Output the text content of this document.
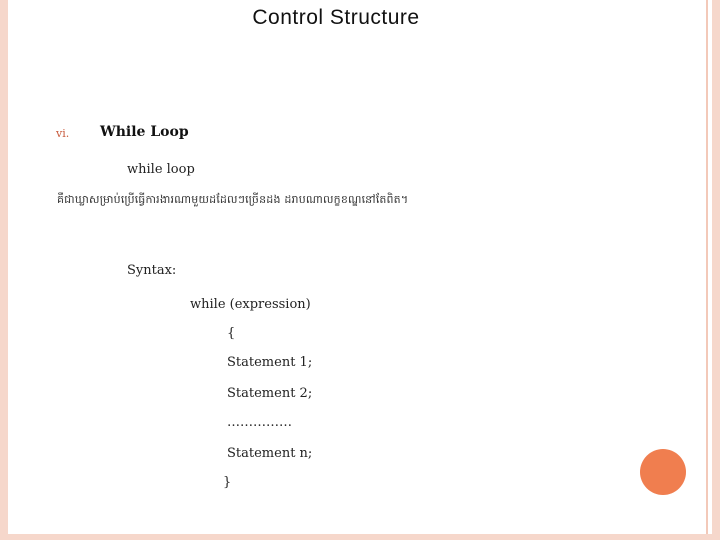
Control Structure
vi. While Loop
while loop
គឺជាឃ្លាសម្រាប់ប្រើធ្វើការងារណាមួយដដែលៗច្រើនដង ដរាបណាលក្ខខណ្ឌនៅតែពិត។
Syntax:
while (expression)
{
Statement 1;
Statement 2;
……………
Statement n;
}
